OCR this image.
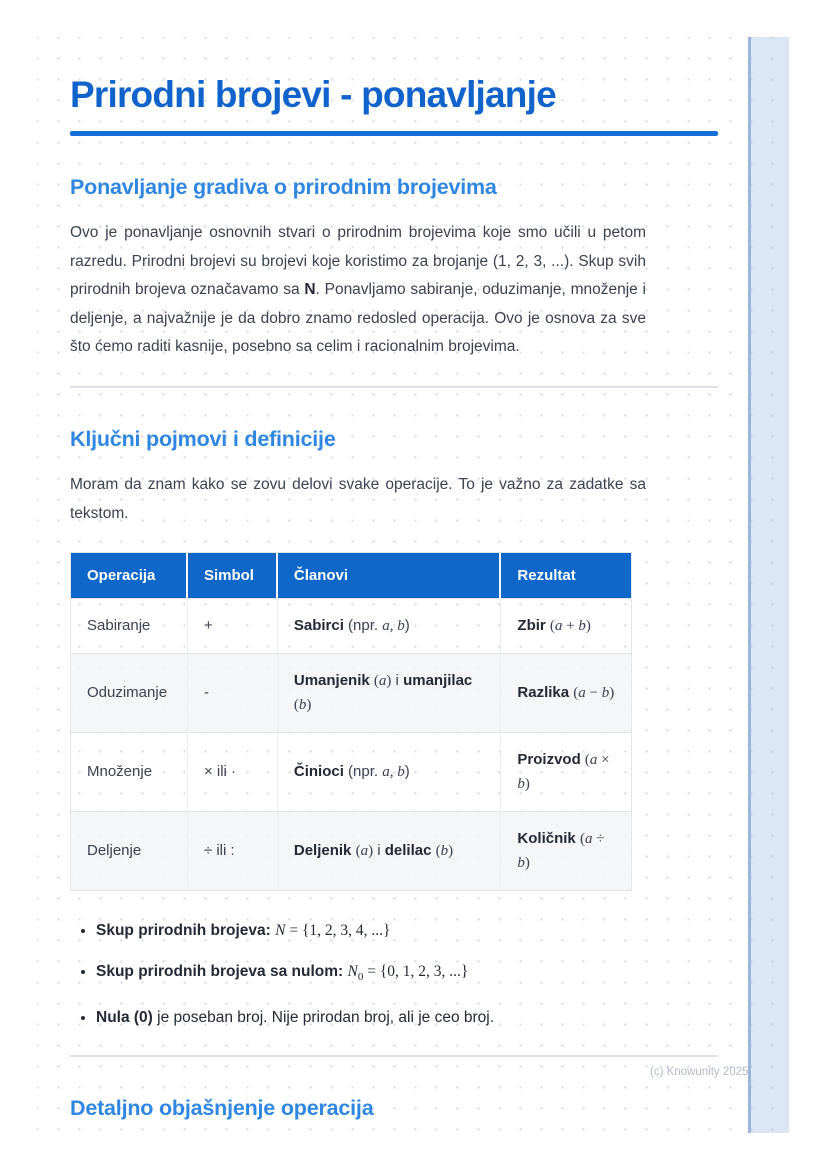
Prirodni brojevi - ponavljanje
Ponavljanje gradiva o prirodnim brojevima

Ovo je ponavljanje osnovnih stvari o prirodnim brojevima koje smo učili u petom razredu. Prirodni brojevi su brojevi koje koristimo za brojanje (1, 2, 3, ...). Skup svih prirodnih brojeva označavamo sa N. Ponavljamo sabiranje, oduzimanje, množenje i deljenje, a najvažnije je da dobro znamo redosled operacija. Ovo je osnova za sve što ćemo raditi kasnije, posebno sa celim i racionalnim brojevima.

Ključni pojmovi i definicije

Moram da znam kako se zovu delovi svake operacije. To je važno za zadatke sa tekstom.

Operacija	Simbol	Članovi	Rezultat
Sabiranje	+	Sabirci (npr. a, b)	Zbir (a + b)
Oduzimanje	-	Umanjenik (a) i umanjilac (b)	Razlika (a − b)
Množenje	× ili ·	Činioci (npr. a, b)	Proizvod (a × b)
Deljenje	÷ ili :	Deljenik (a) i delilac (b)	Količnik (a ÷ b)
• Skup prirodnih brojeva: N = {1, 2, 3, 4, ...}
• Skup prirodnih brojeva sa nulom: $N_0 = \{0$, 1, 2, 3, ...}
• Nula (0) je poseban broj. Nije prirodan broj, ali je ceo broj.
Detaljno objašnjenje operacija
(c) Knowunity 2025
